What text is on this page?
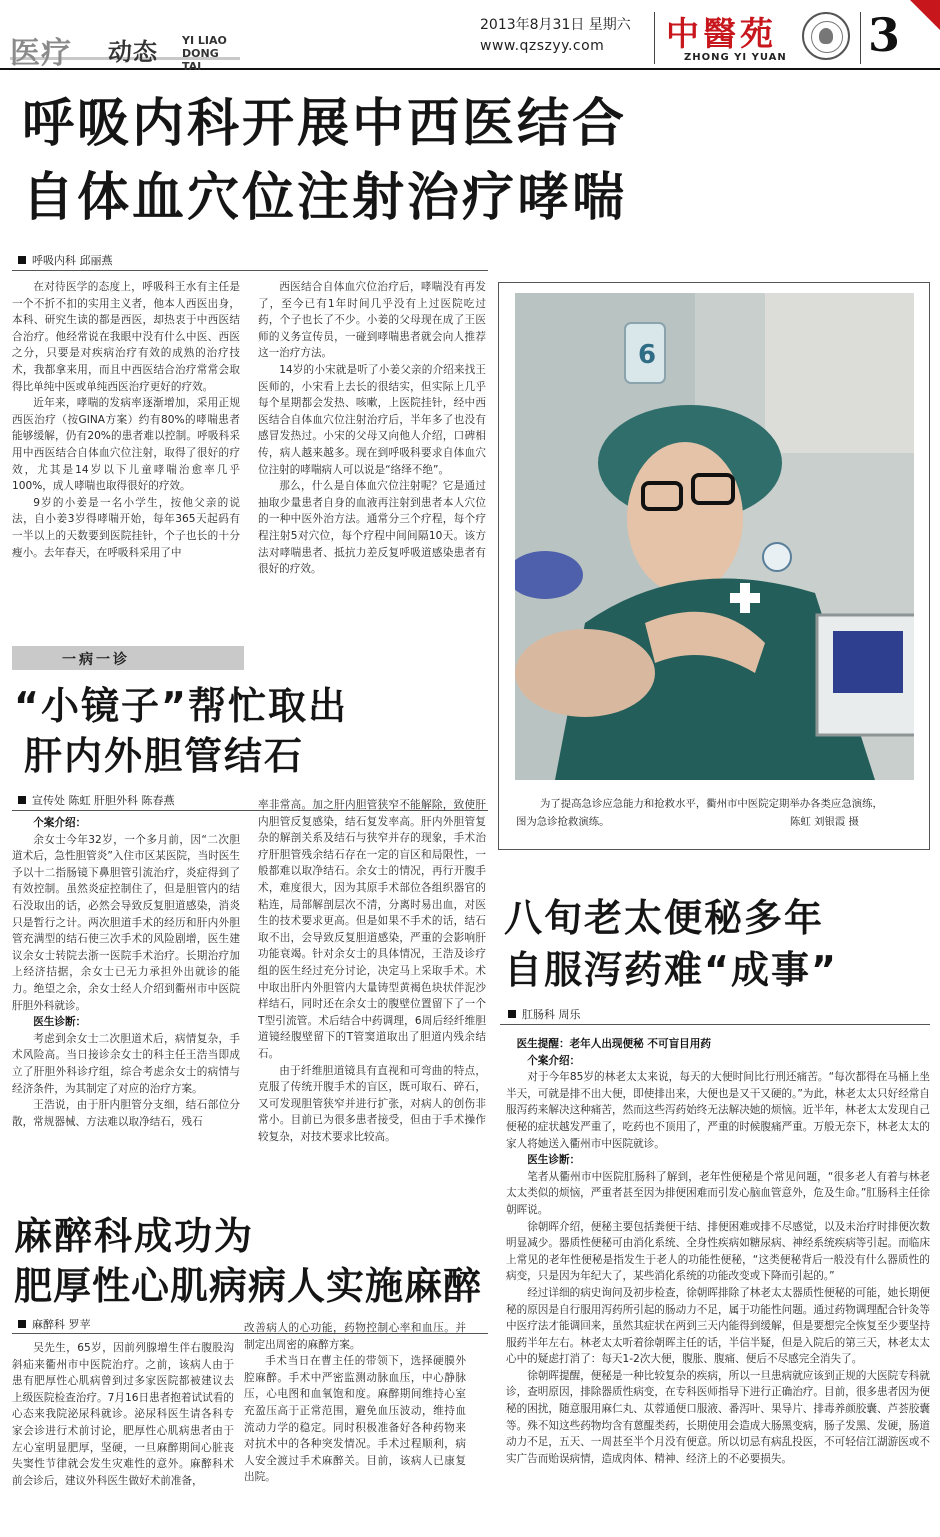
医疗 动态 YI LIAO
DONG TAI
2013年8月31日 星期六
www.qzszyy.com 中醫苑
ZHONG YI YUAN 3
呼吸内科开展中西医结合
自体血穴位注射治疗哮喘
呼吸内科 邱丽燕

在对待医学的态度上，呼吸科王水有主任是一个不折不扣的实用主义者，他本人西医出身，本科、研究生读的都是西医，却热衷于中西医结合治疗。他经常说在我眼中没有什么中医、西医之分，只要是对疾病治疗有效的成熟的治疗技术，我都拿来用，而且中西医结合治疗常常会取得比单纯中医或单纯西医治疗更好的疗效。

近年来，哮喘的发病率逐渐增加，采用正规西医治疗（按GINA方案）约有80%的哮喘患者能够缓解，仍有20%的患者难以控制。呼吸科采用中西医结合自体血穴位注射，取得了很好的疗效，尤其是14岁以下儿童哮喘治愈率几乎100%，成人哮喘也取得很好的疗效。

9岁的小姜是一名小学生，按他父亲的说法，自小姜3岁得哮喘开始，每年365天起码有一半以上的天数要到医院挂针，个子也长的十分瘦小。去年春天，在呼吸科采用了中

西医结合自体血穴位治疗后，哮喘没有再发了，至今已有1年时间几乎没有上过医院吃过药，个子也长了不少。小姜的父母现在成了王医师的义务宣传员，一碰到哮喘患者就会向人推荐这一治疗方法。

14岁的小宋就是听了小姜父亲的介绍来找王医师的，小宋看上去长的很结实，但实际上几乎每个星期都会发热、咳嗽，上医院挂针，经中西医结合自体血穴位注射治疗后，半年多了也没有感冒发热过。小宋的父母又向他人介绍，口碑相传，病人越来越多。现在到呼吸科要求自体血穴位注射的哮喘病人可以说是“络绎不绝”。

那么，什么是自体血穴位注射呢？它是通过抽取少量患者自身的血液再注射到患者本人穴位的一种中医外治方法。通常分三个疗程，每个疗程注射5对穴位，每个疗程中间间隔10天。该方法对哮喘患者、抵抗力差反复呼吸道感染患者有很好的疗效。

一病一诊
“小镜子”帮忙取出
肝内外胆管结石
宣传处 陈虹 肝胆外科 陈春燕

个案介绍：

余女士今年32岁，一个多月前，因“二次胆道术后，急性胆管炎”入住市区某医院，当时医生予以十二指肠镜下鼻胆管引流治疗，炎症得到了有效控制。虽然炎症控制住了，但是胆管内的结石没取出的话，必然会导致反复胆道感染，消炎只是暂行之计。两次胆道手术的经历和肝内外胆管充满型的结石使三次手术的风险剧增，医生建议余女士转院去浙一医院手术治疗。长期治疗加上经济拮据，余女士已无力承担外出就诊的能力。绝望之余，余女士经人介绍到衢州市中医院肝胆外科就诊。

医生诊断：

考虑到余女士二次胆道术后，病情复杂，手术风险高。当日接诊余女士的科主任王浩当即成立了肝胆外科诊疗组，综合考虑余女士的病情与经济条件，为其制定了对应的治疗方案。

王浩说，由于肝内胆管分支细，结石部位分散，常规器械、方法难以取净结石，残石

率非常高。加之肝内胆管狭窄不能解除，致使肝内胆管反复感染，结石复发率高。肝内外胆管复杂的解剖关系及结石与狭窄并存的现象，手术治疗肝胆管残余结石存在一定的盲区和局限性，一般都难以取净结石。余女士的情况，再行开腹手术，难度很大，因为其原手术部位各组织器官的粘连，局部解剖层次不清，分离时易出血，对医生的技术要求更高。但是如果不手术的话，结石取不出，会导致反复胆道感染，严重的会影响肝功能衰竭。针对余女士的具体情况，王浩及诊疗组的医生经过充分讨论，决定马上采取手术。术中取出肝内外胆管内大量铸型黄褐色块状伴泥沙样结石，同时还在余女士的腹壁位置留下了一个T型引流管。术后结合中药调理，6周后经纤维胆道镜经腹壁留下的T管窦道取出了胆道内残余结石。

由于纤维胆道镜具有直视和可弯曲的特点，克服了传统开腹手术的盲区，既可取石、碎石，又可发现胆管狭窄并进行扩张，对病人的创伤非常小。目前已为很多患者接受，但由于手术操作较复杂，对技术要求比较高。

麻醉科成功为
肥厚性心肌病病人实施麻醉
麻醉科 罗苹

吴先生，65岁，因前列腺增生伴右腹股沟斜疝来衢州市中医院治疗。之前，该病人由于患有肥厚性心肌病曾到过多家医院都被建议去上级医院检查治疗。7月16日患者抱着试试看的心态来我院泌尿科就诊。泌尿科医生请各科专家会诊进行术前讨论，肥厚性心肌病患者由于左心室明显肥厚，坚硬，一旦麻醉期间心脏丧失窦性节律就会发生灾难性的意外。麻醉科术前会诊后，建议外科医生做好术前准备，

改善病人的心功能，药物控制心率和血压。并制定出周密的麻醉方案。

手术当日在曹主任的带领下，选择硬膜外腔麻醉。手术中严密监测动脉血压，中心静脉压，心电图和血氧饱和度。麻醉期间维持心室充盈压高于正常范围，避免血压波动，维持血流动力学的稳定。同时积极准备好各种药物来对抗术中的各种突发情况。手术过程顺利，病人安全渡过手术麻醉关。目前，该病人已康复出院。

6
为了提高急诊应急能力和抢救水平，衢州市中医院定期举办各类应急演练，
图为急诊抢救演练。	陈虹 刘银霞 摄
八旬老太便秘多年
自服泻药难“成事”
肛肠科 周乐

医生提醒：老年人出现便秘 不可盲目用药

个案介绍：

对于今年85岁的林老太太来说，每天的大便时间比行刑还痛苦。“每次都得在马桶上坐半天，可就是排不出大便，即使排出来，大便也是又干又硬的。”为此，林老太太只好经常自服泻药来解决这种痛苦，然而这些泻药始终无法解决她的烦恼。近半年，林老太太发现自己便秘的症状越发严重了，吃药也不顶用了，严重的时候腹痛严重。万般无奈下，林老太太的家人将她送入衢州市中医院就诊。

医生诊断：

笔者从衢州市中医院肛肠科了解到，老年性便秘是个常见问题，“很多老人有着与林老太太类似的烦恼，严重者甚至因为排便困难而引发心脑血管意外，危及生命。”肛肠科主任徐朝晖说。

徐朝晖介绍，便秘主要包括粪便干结、排便困难或排不尽感觉，以及未治疗时排便次数明显减少。器质性便秘可由消化系统、全身性疾病如糖尿病、神经系统疾病等引起。而临床上常见的老年性便秘是指发生于老人的功能性便秘，“这类便秘背后一般没有什么器质性的病变，只是因为年纪大了，某些消化系统的功能改变或下降而引起的。”

经过详细的病史询问及初步检查，徐朝晖排除了林老太太器质性便秘的可能，她长期便秘的原因是自行服用泻药所引起的肠动力不足，属于功能性问题。通过药物调理配合针灸等中医疗法才能调回来，虽然其症状在两到三天内能得到缓解，但是要想完全恢复至少要坚持服药半年左右。林老太太听着徐朝晖主任的话，半信半疑，但是入院后的第三天，林老太太心中的疑虑打消了：每天1-2次大便，腹胀、腹痛、便后不尽感完全消失了。

徐朝晖提醒，便秘是一种比较复杂的疾病，所以一旦患病就应该到正规的大医院专科就诊，查明原因，排除器质性病变，在专科医师指导下进行正确治疗。目前，很多患者因为便秘的困扰，随意服用麻仁丸、苁蓉通便口服液、番泻叶、果导片、排毒养颜胶囊、芦荟胶囊等。殊不知这些药物均含有蒽醌类药，长期使用会造成大肠黑变病，肠子发黑、发硬，肠道动力不足，五天、一周甚至半个月没有便意。所以切忌有病乱投医，不可轻信江湖游医或不实广告而贻误病情，造成肉体、精神、经济上的不必要损失。
